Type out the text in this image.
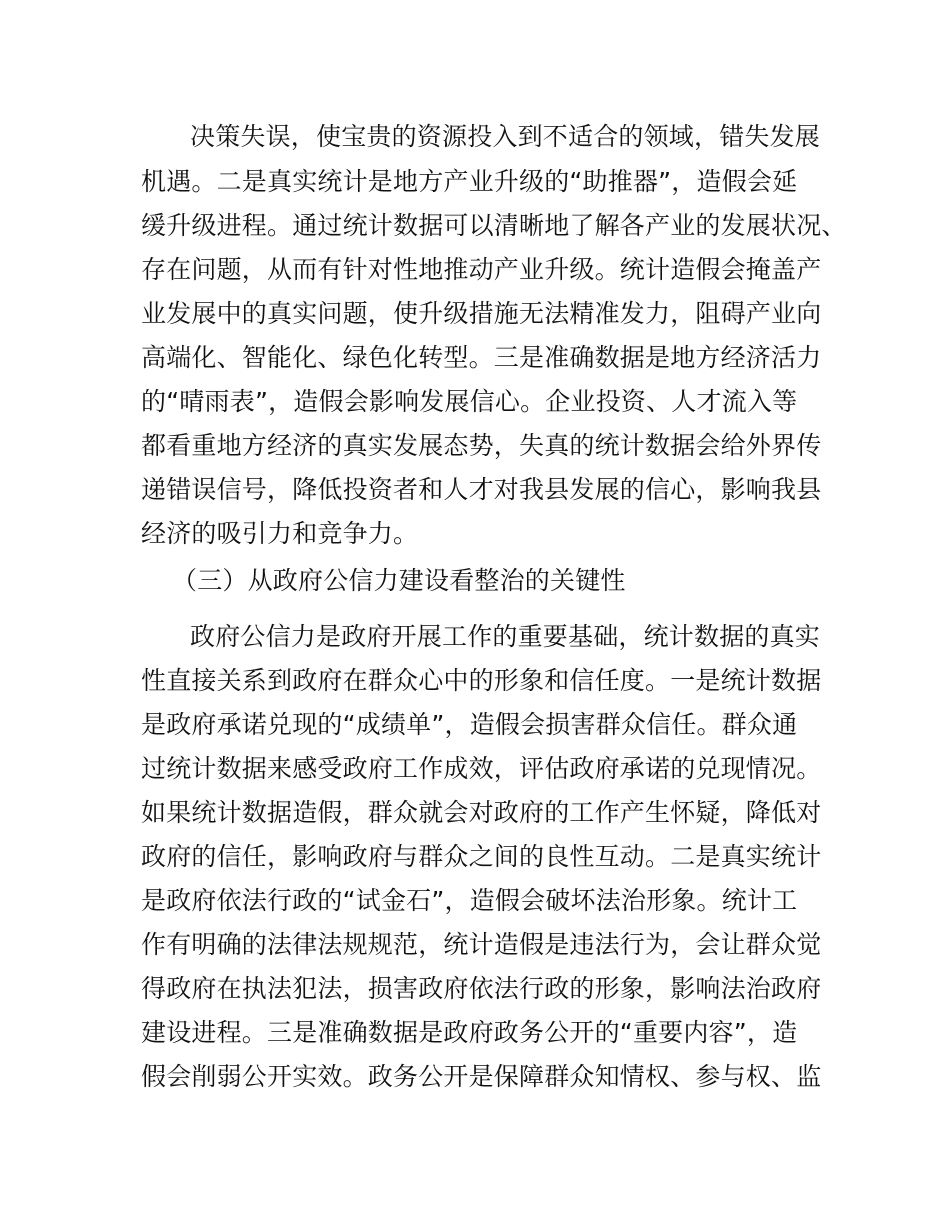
决策失误，使宝贵的资源投入到不适合的领域，错失发展
机遇。二是真实统计是地方产业升级的“助推器”，造假会延
缓升级进程。通过统计数据可以清晰地了解各产业的发展状况、
存在问题，从而有针对性地推动产业升级。统计造假会掩盖产
业发展中的真实问题，使升级措施无法精准发力，阻碍产业向
高端化、智能化、绿色化转型。三是准确数据是地方经济活力
的“晴雨表”，造假会影响发展信心。企业投资、人才流入等
都看重地方经济的真实发展态势，失真的统计数据会给外界传
递错误信号，降低投资者和人才对我县发展的信心，影响我县
经济的吸引力和竞争力。
（三）从政府公信力建设看整治的关键性
政府公信力是政府开展工作的重要基础，统计数据的真实
性直接关系到政府在群众心中的形象和信任度。一是统计数据
是政府承诺兑现的“成绩单”，造假会损害群众信任。群众通
过统计数据来感受政府工作成效，评估政府承诺的兑现情况。
如果统计数据造假，群众就会对政府的工作产生怀疑，降低对
政府的信任，影响政府与群众之间的良性互动。二是真实统计
是政府依法行政的“试金石”，造假会破坏法治形象。统计工
作有明确的法律法规规范，统计造假是违法行为，会让群众觉
得政府在执法犯法，损害政府依法行政的形象，影响法治政府
建设进程。三是准确数据是政府政务公开的“重要内容”，造
假会削弱公开实效。政务公开是保障群众知情权、参与权、监
